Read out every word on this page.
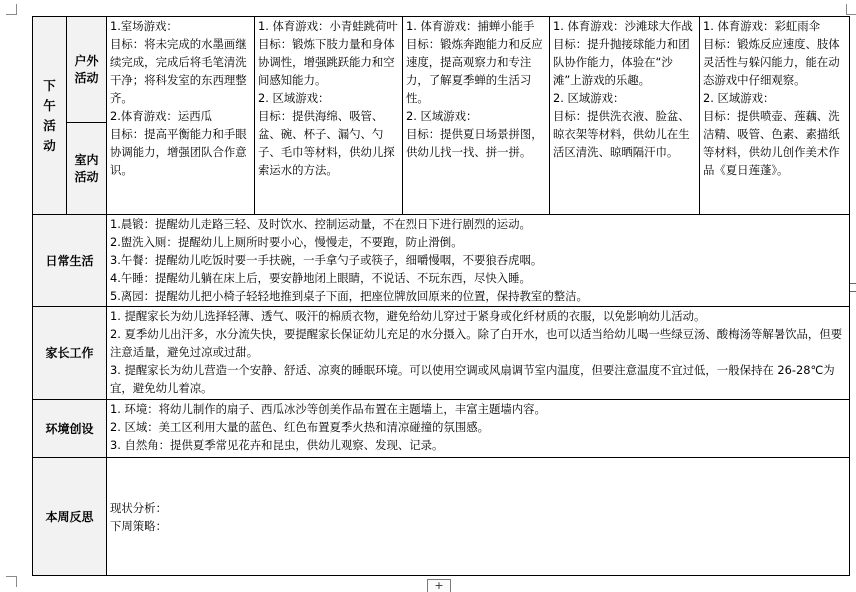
下
午
活
动	户外
活动	1.室场游戏：
目标：将未完成的水墨画继续完成，完成后将毛笔清洗干净；将科发室的东西理整齐。
2.体育游戏：运西瓜
目标：提高平衡能力和手眼协调能力，增强团队合作意识。	1. 体育游戏：小青蛙跳荷叶
目标：锻炼下肢力量和身体协调性，增强跳跃能力和空间感知能力。
2. 区域游戏：
目标：提供海绵、吸管、盆、碗、杯子、漏勺、勺子、毛巾等材料，供幼儿探索运水的方法。	1. 体育游戏：捕蝉小能手
目标：锻炼奔跑能力和反应速度，提高观察力和专注力，了解夏季蝉的生活习性。
2. 区域游戏：
目标：提供夏日场景拼图，供幼儿找一找、拼一拼。	1. 体育游戏：沙滩球大作战
目标：提升抛接球能力和团队协作能力，体验在“沙滩”上游戏的乐趣。
2. 区域游戏：
目标：提供洗衣液、脸盆、晾衣架等材料，供幼儿在生活区清洗、晾晒隔汗巾。	1. 体育游戏：彩虹雨伞
目标：锻炼反应速度、肢体灵活性与躲闪能力，能在动态游戏中仔细观察。
2. 区域游戏：
目标：提供喷壶、莲藕、洗洁精、吸管、色素、素描纸等材料，供幼儿创作美术作品《夏日莲蓬》。

	室内
活动					

日常生活		1.晨锻：提醒幼儿走路三轻、及时饮水、控制运动量，不在烈日下进行剧烈的运动。
2.盥洗入厕：提醒幼儿上厕所时要小心，慢慢走，不要跑，防止滑倒。
3.午餐：提醒幼儿吃饭时要一手扶碗，一手拿勺子或筷子，细嚼慢咽，不要狼吞虎咽。
4.午睡：提醒幼儿躺在床上后，要安静地闭上眼睛，不说话、不玩东西，尽快入睡。
5.离园：提醒幼儿把小椅子轻轻地推到桌子下面，把座位牌放回原来的位置，保持教室的整洁。				

家长工作		1. 提醒家长为幼儿选择轻薄、透气、吸汗的棉质衣物，避免给幼儿穿过于紧身或化纤材质的衣服，以免影响幼儿活动。
2. 夏季幼儿出汗多，水分流失快，要提醒家长保证幼儿充足的水分摄入。除了白开水，也可以适当给幼儿喝一些绿豆汤、酸梅汤等解暑饮品，但要注意适量，避免过凉或过甜。
3. 提醒家长为幼儿营造一个安静、舒适、凉爽的睡眠环境。可以使用空调或风扇调节室内温度，但要注意温度不宜过低，一般保持在 26-28℃为宜，避免幼儿着凉。				

环境创设		1. 环境：将幼儿制作的扇子、西瓜冰沙等创美作品布置在主题墙上，丰富主题墙内容。
2. 区域：美工区利用大量的蓝色、红色布置夏季火热和清凉碰撞的氛围感。
3. 自然角：提供夏季常见花卉和昆虫，供幼儿观察、发现、记录。				

本周反思		现状分析：
下周策略：				
+
